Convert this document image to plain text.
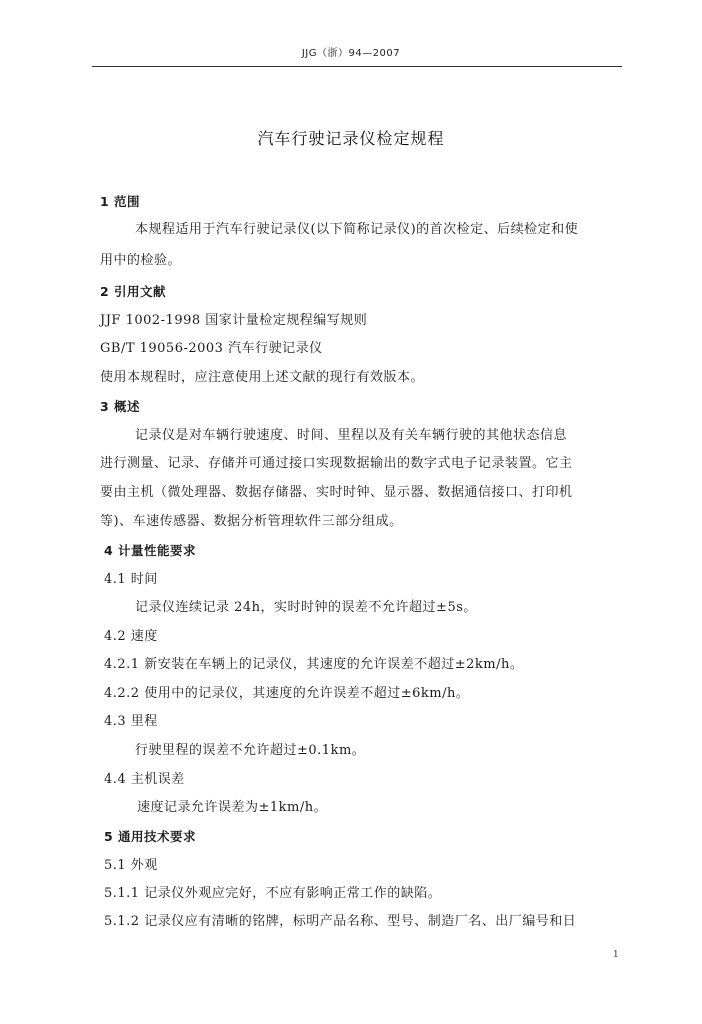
JJG（浙）94—2007
汽车行驶记录仪检定规程
1 范围
本规程适用于汽车行驶记录仪(以下简称记录仪)的首次检定、后续检定和使
用中的检验。
2 引用文献
JJF 1002-1998 国家计量检定规程编写规则
GB/T 19056-2003 汽车行驶记录仪
使用本规程时，应注意使用上述文献的现行有效版本。
3 概述
记录仪是对车辆行驶速度、时间、里程以及有关车辆行驶的其他状态信息
进行测量、记录、存储并可通过接口实现数据输出的数字式电子记录装置。它主
要由主机（微处理器、数据存储器、实时时钟、显示器、数据通信接口、打印机
等)、车速传感器、数据分析管理软件三部分组成。
4 计量性能要求
4.1 时间
记录仪连续记录 24h，实时时钟的误差不允许超过±5s。
4.2 速度
4.2.1 新安装在车辆上的记录仪，其速度的允许误差不超过±2km/h。
4.2.2 使用中的记录仪，其速度的允许误差不超过±6km/h。
4.3 里程
行驶里程的误差不允许超过±0.1km。
4.4 主机误差
速度记录允许误差为±1km/h。
5 通用技术要求
5.1 外观
5.1.1 记录仪外观应完好，不应有影响正常工作的缺陷。
5.1.2 记录仪应有清晰的铭牌，标明产品名称、型号、制造厂名、出厂编号和日
1
